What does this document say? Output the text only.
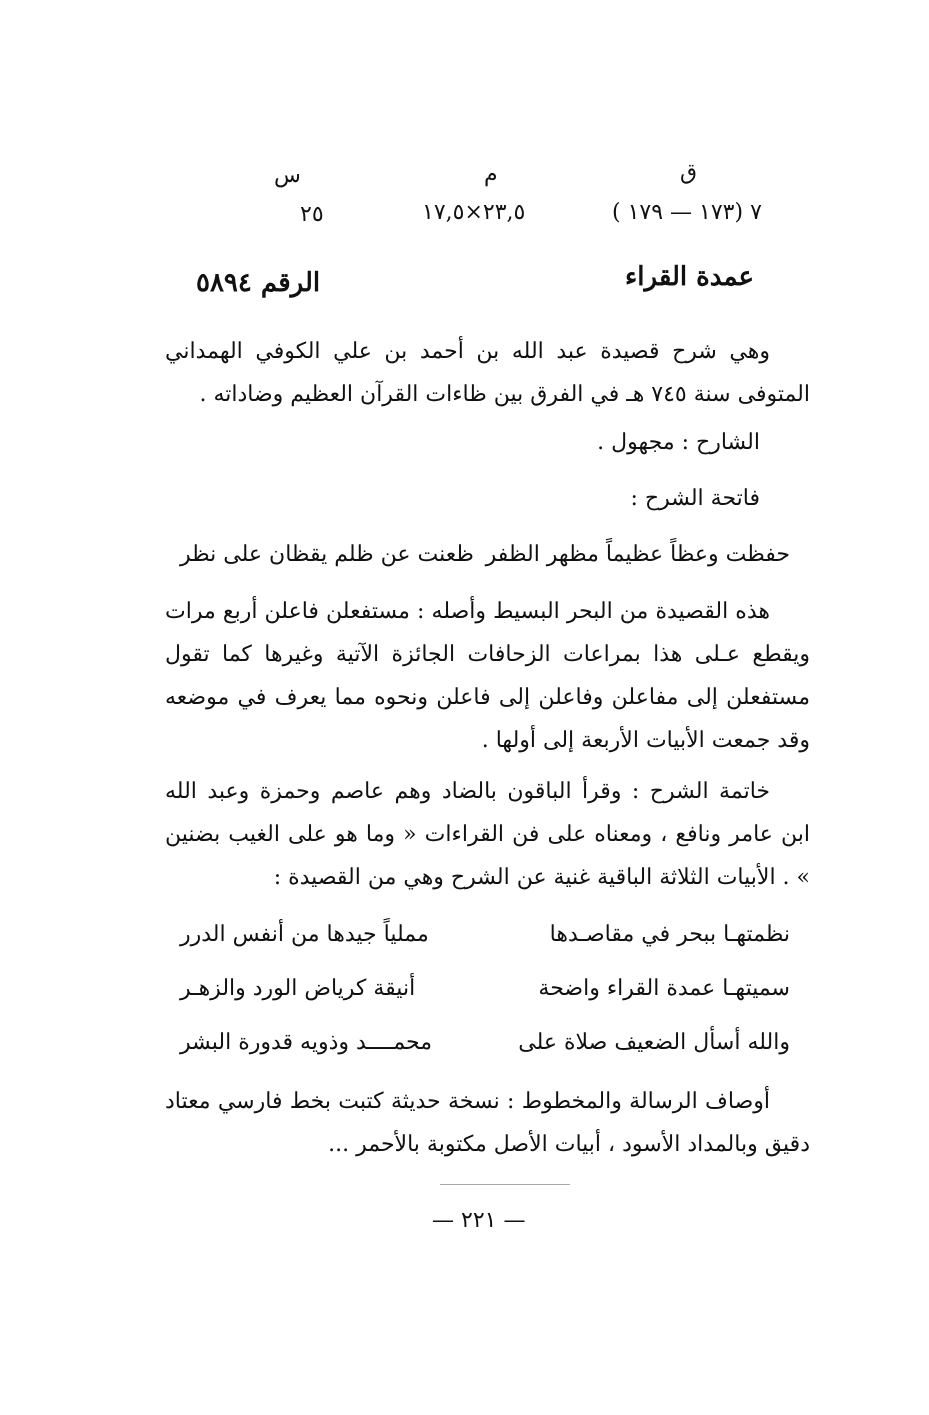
ق
م
س
٧ (١٧٣ — ١٧٩ )
٢٣,٥×١٧,٥
٢٥
عمدة القراء
الرقم ٥٨٩٤

وهي شرح قصيدة عبد الله بن أحمد بن علي الكوفي الهمداني المتوفى سنة ٧٤٥ هـ في الفرق بين ظاءات القرآن العظيم وضاداته .

الشارح : مجهول .
فاتحة الشرح :
حفظت وعظاً عظيماً مظهر الظفر
ظعنت عن ظلم يقظان على نظر

هذه القصيدة من البحر البسيط وأصله : مستفعلن فاعلن أربع مرات ويقطع عـلى هذا بمراعات الزحافات الجائزة الآتية وغيرها كما تقول مستفعلن إلى مفاعلن وفاعلن إلى فاعلن ونحوه مما يعرف في موضعه وقد جمعت الأبيات الأربعة إلى أولها .

خاتمة الشرح : وقرأ الباقون بالضاد وهم عاصم وحمزة وعبد الله ابن عامر ونافع ، ومعناه على فن القراءات « وما هو على الغيب بضنين » . الأبيات الثلاثة الباقية غنية عن الشرح وهي من القصيدة :

نظمتهـا ببحر في مقاصـدها
مملياً جيدها من أنفس الدرر
سميتهـا عمدة القراء واضحة
أنيقة كرياض الورد والزهـر
والله أسأل الضعيف صلاة على
محمــــد وذويه قدورة البشر

أوصاف الرسالة والمخطوط : نسخة حديثة كتبت بخط فارسي معتاد دقيق وبالمداد الأسود ، أبيات الأصل مكتوبة بالأحمر ...

— ٢٢١ —
